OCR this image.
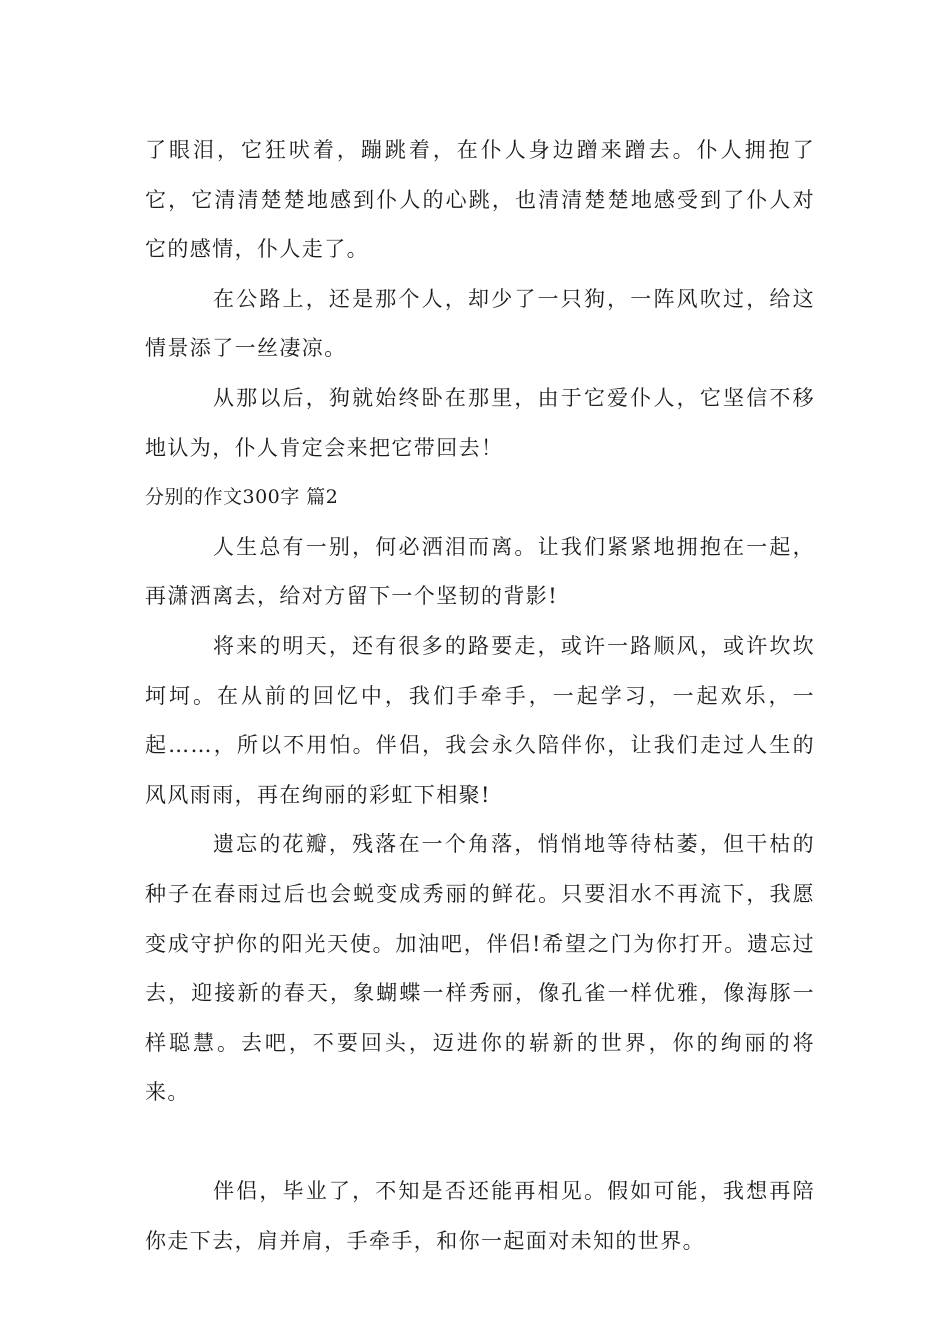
了眼泪，它狂吠着，蹦跳着，在仆人身边蹭来蹭去。仆人拥抱了它，它清清楚楚地感到仆人的心跳，也清清楚楚地感受到了仆人对它的感情，仆人走了。

在公路上，还是那个人，却少了一只狗，一阵风吹过，给这情景添了一丝凄凉。

从那以后，狗就始终卧在那里，由于它爱仆人，它坚信不移地认为，仆人肯定会来把它带回去！

分别的作文300字 篇2

人生总有一别，何必洒泪而离。让我们紧紧地拥抱在一起，再潇洒离去，给对方留下一个坚韧的背影!

将来的明天，还有很多的路要走，或许一路顺风，或许坎坎坷坷。在从前的回忆中，我们手牵手，一起学习，一起欢乐，一起……，所以不用怕。伴侣，我会永久陪伴你，让我们走过人生的风风雨雨，再在绚丽的彩虹下相聚!

遗忘的花瓣，残落在一个角落，悄悄地等待枯萎，但干枯的种子在春雨过后也会蜕变成秀丽的鲜花。只要泪水不再流下，我愿变成守护你的阳光天使。加油吧，伴侣!希望之门为你打开。遗忘过去，迎接新的春天，象蝴蝶一样秀丽，像孔雀一样优雅，像海豚一样聪慧。去吧，不要回头，迈进你的崭新的世界，你的绚丽的将来。

伴侣，毕业了，不知是否还能再相见。假如可能，我想再陪你走下去，肩并肩，手牵手，和你一起面对未知的世界。
